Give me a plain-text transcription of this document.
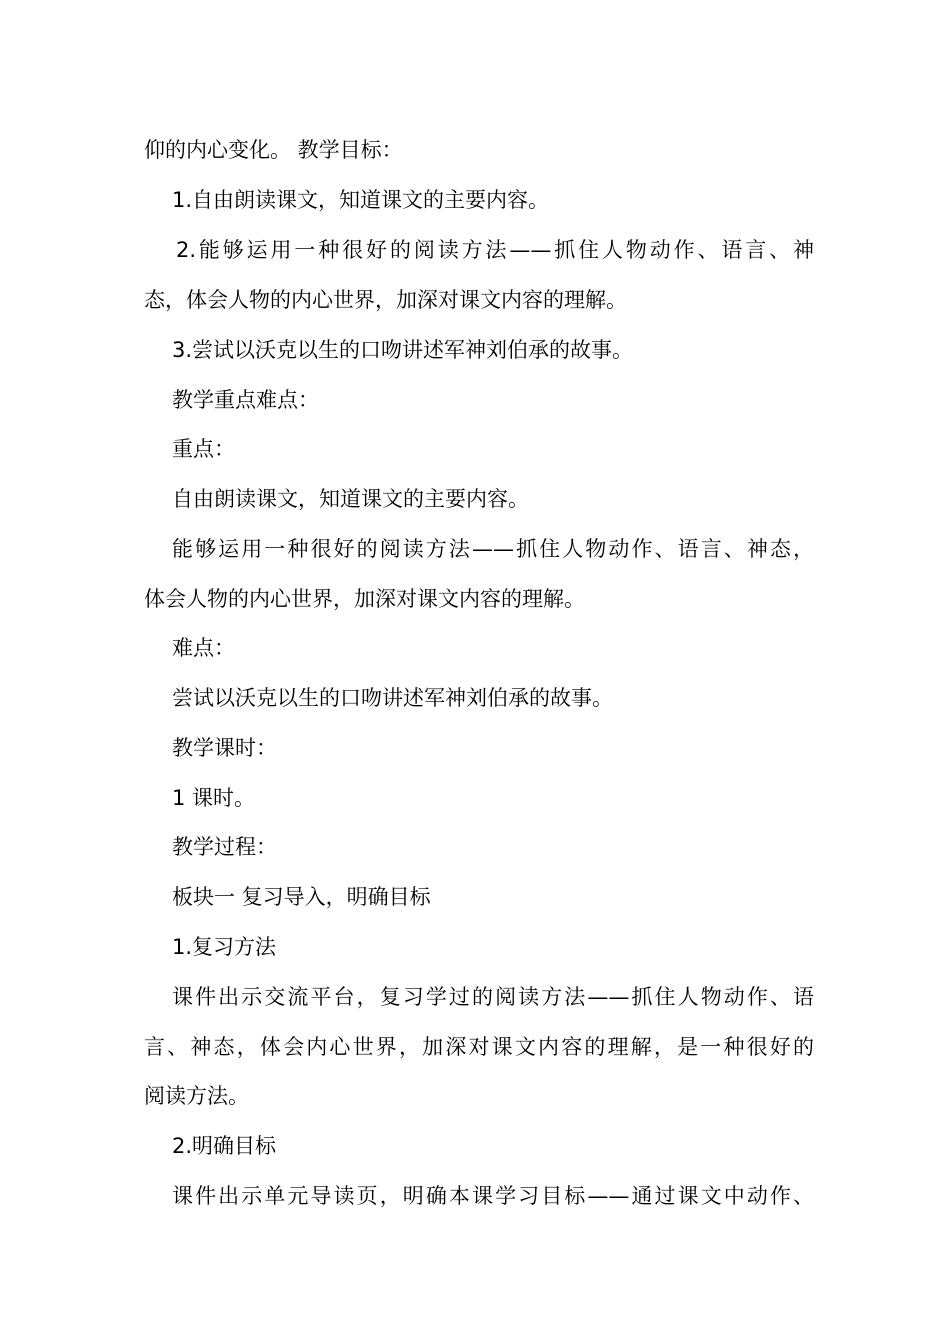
仰的内心变化。 教学目标：
1.自由朗读课文，知道课文的主要内容。
2.能够运用一种很好的阅读方法——抓住人物动作、语言、神
态，体会人物的内心世界，加深对课文内容的理解。
3.尝试以沃克以生的口吻讲述军神刘伯承的故事。
教学重点难点：
重点：
自由朗读课文，知道课文的主要内容。
能够运用一种很好的阅读方法——抓住人物动作、语言、神态，
体会人物的内心世界，加深对课文内容的理解。
难点：
尝试以沃克以生的口吻讲述军神刘伯承的故事。
教学课时：
1 课时。
教学过程：
板块一 复习导入，明确目标
1.复习方法
课件出示交流平台，复习学过的阅读方法——抓住人物动作、语
言、神态，体会内心世界，加深对课文内容的理解，是一种很好的
阅读方法。
2.明确目标
课件出示单元导读页，明确本课学习目标——通过课文中动作、
